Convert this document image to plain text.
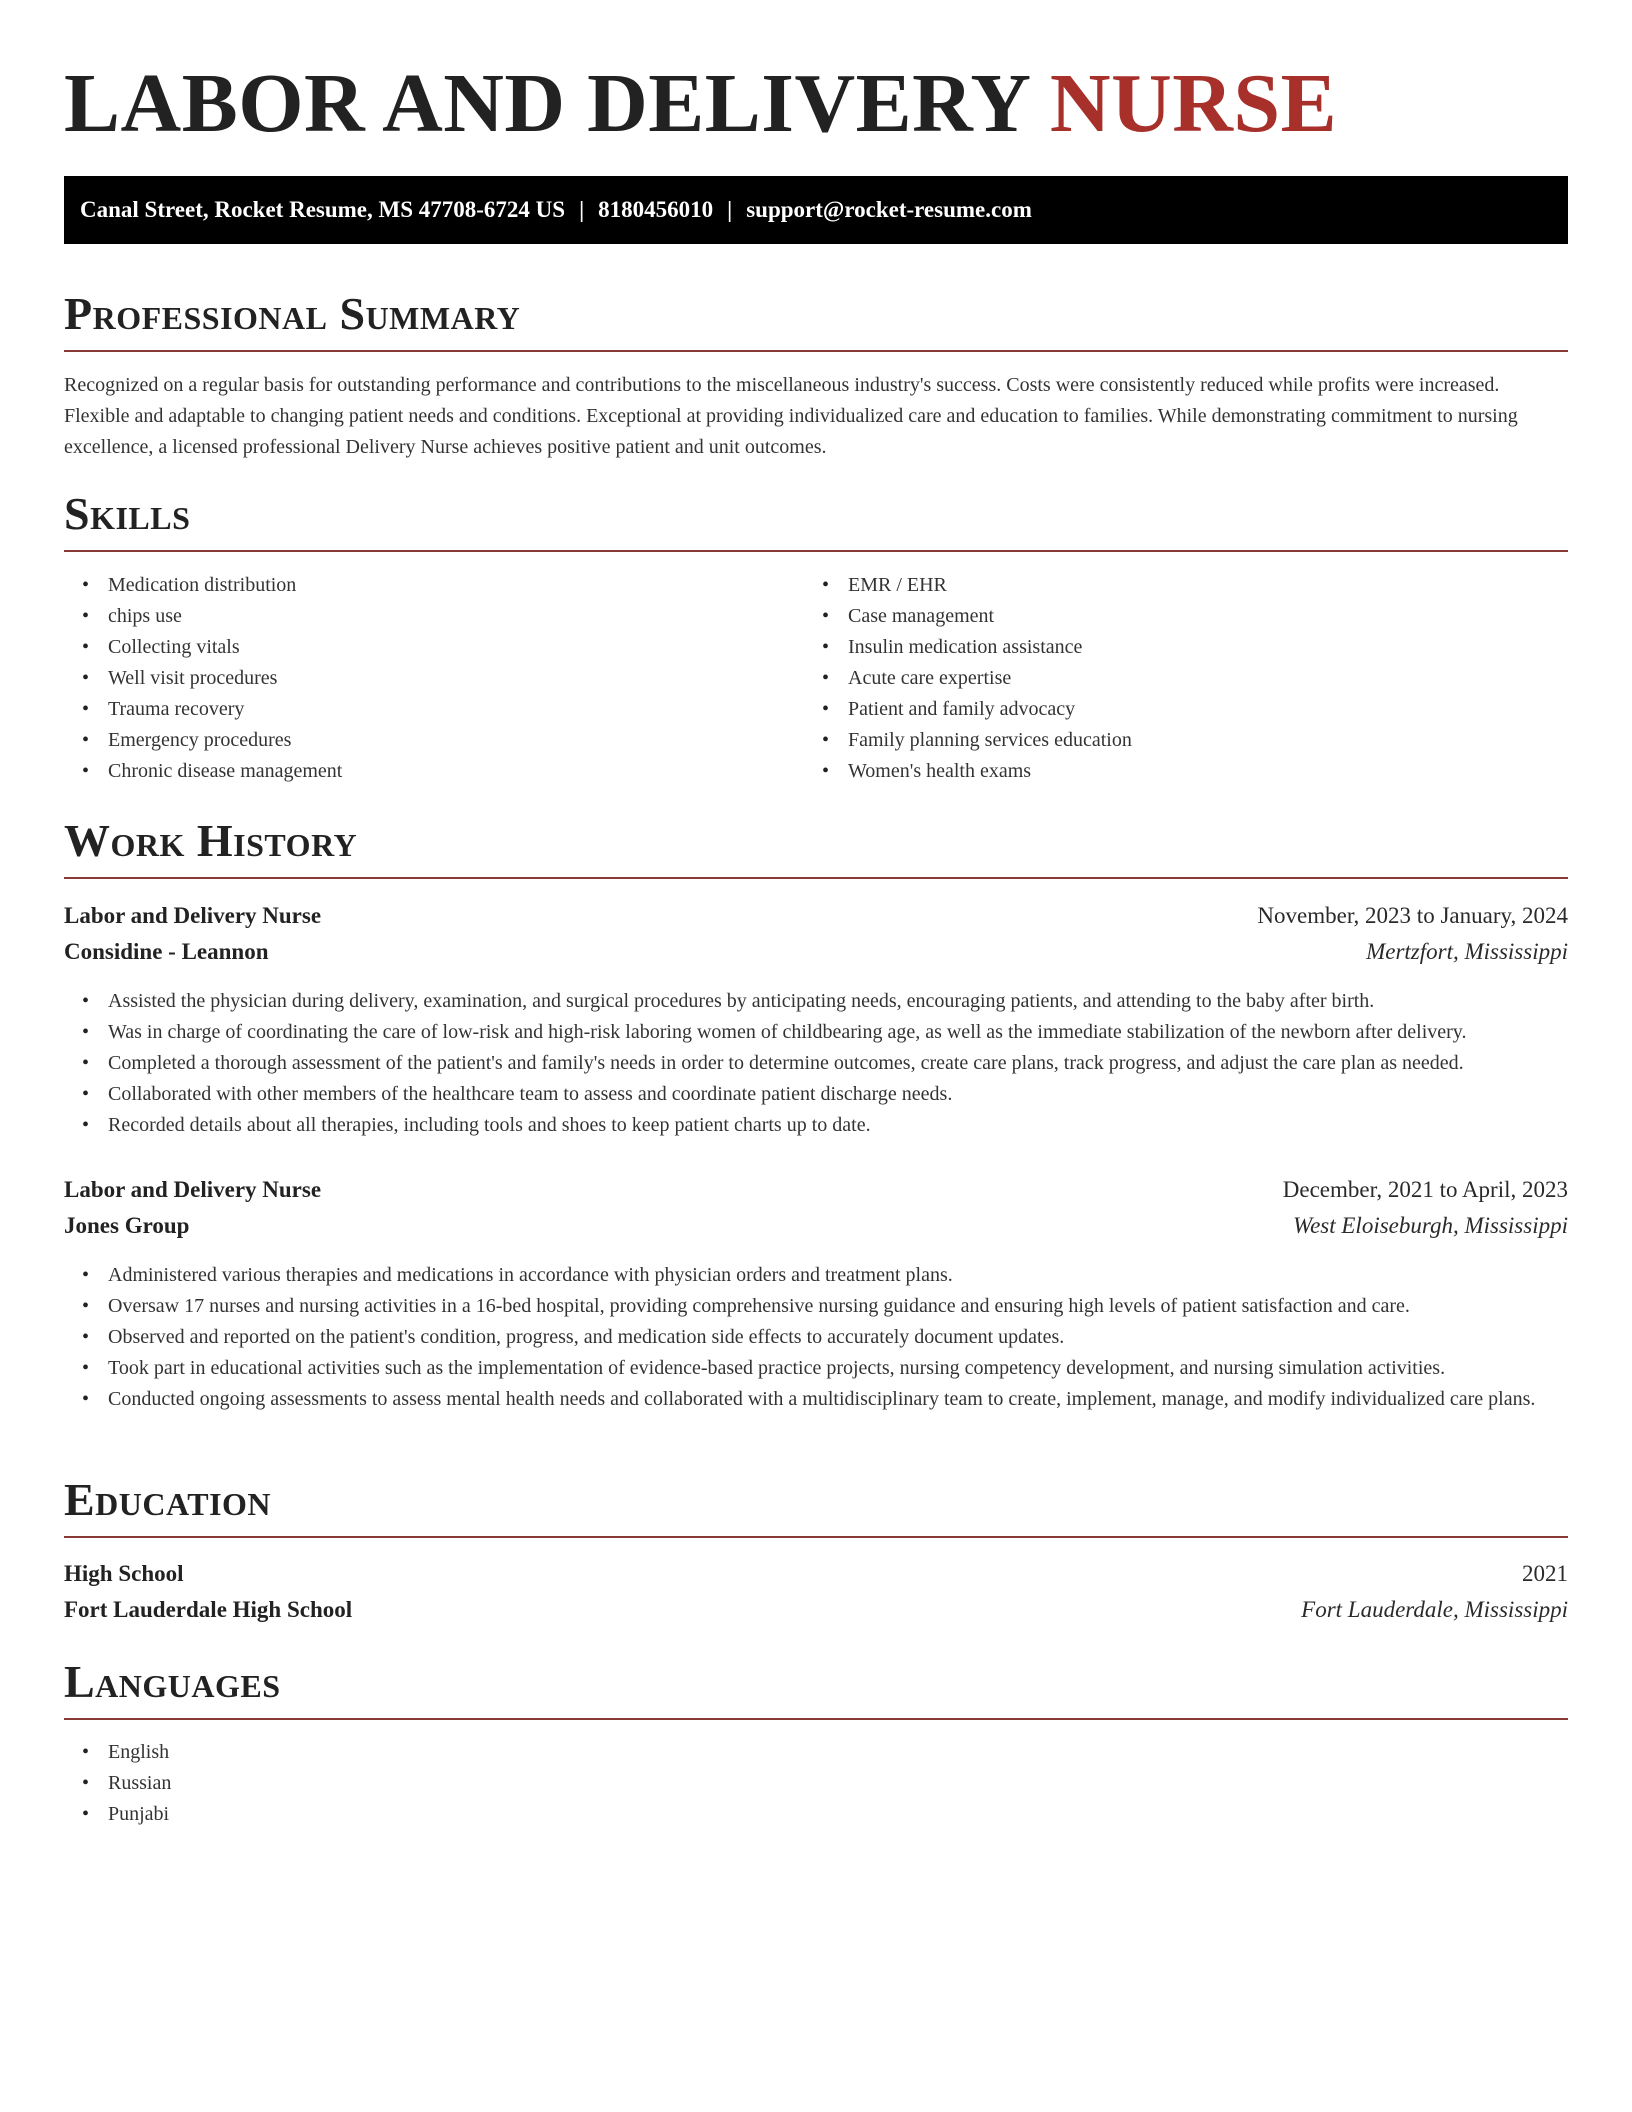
LABOR AND DELIVERY NURSE
Canal Street, Rocket Resume, MS 47708-6724 US | 8180456010 | support@rocket-resume.com
Professional Summary

Recognized on a regular basis for outstanding performance and contributions to the miscellaneous industry's success. Costs were consistently reduced while profits were increased. Flexible and adaptable to changing patient needs and conditions. Exceptional at providing individualized care and education to families. While demonstrating commitment to nursing excellence, a licensed professional Delivery Nurse achieves positive patient and unit outcomes.

Skills
• Medication distribution
• chips use
• Collecting vitals
• Well visit procedures
• Trauma recovery
• Emergency procedures
• Chronic disease management
• EMR / EHR
• Case management
• Insulin medication assistance
• Acute care expertise
• Patient and family advocacy
• Family planning services education
• Women's health exams
Work History
Labor and Delivery Nurse	November, 2023 to January, 2024
Considine - Leannon	Mertzfort, Mississippi
• Assisted the physician during delivery, examination, and surgical procedures by anticipating needs, encouraging patients, and attending to the baby after birth.
• Was in charge of coordinating the care of low-risk and high-risk laboring women of childbearing age, as well as the immediate stabilization of the newborn after delivery.
• Completed a thorough assessment of the patient's and family's needs in order to determine outcomes, create care plans, track progress, and adjust the care plan as needed.
• Collaborated with other members of the healthcare team to assess and coordinate patient discharge needs.
• Recorded details about all therapies, including tools and shoes to keep patient charts up to date.
Labor and Delivery Nurse	December, 2021 to April, 2023
Jones Group	West Eloiseburgh, Mississippi
• Administered various therapies and medications in accordance with physician orders and treatment plans.
• Oversaw 17 nurses and nursing activities in a 16-bed hospital, providing comprehensive nursing guidance and ensuring high levels of patient satisfaction and care.
• Observed and reported on the patient's condition, progress, and medication side effects to accurately document updates.
• Took part in educational activities such as the implementation of evidence-based practice projects, nursing competency development, and nursing simulation activities.
• Conducted ongoing assessments to assess mental health needs and collaborated with a multidisciplinary team to create, implement, manage, and modify individualized care plans.
Education
High School	2021
Fort Lauderdale High School	Fort Lauderdale, Mississippi
Languages
• English
• Russian
• Punjabi
